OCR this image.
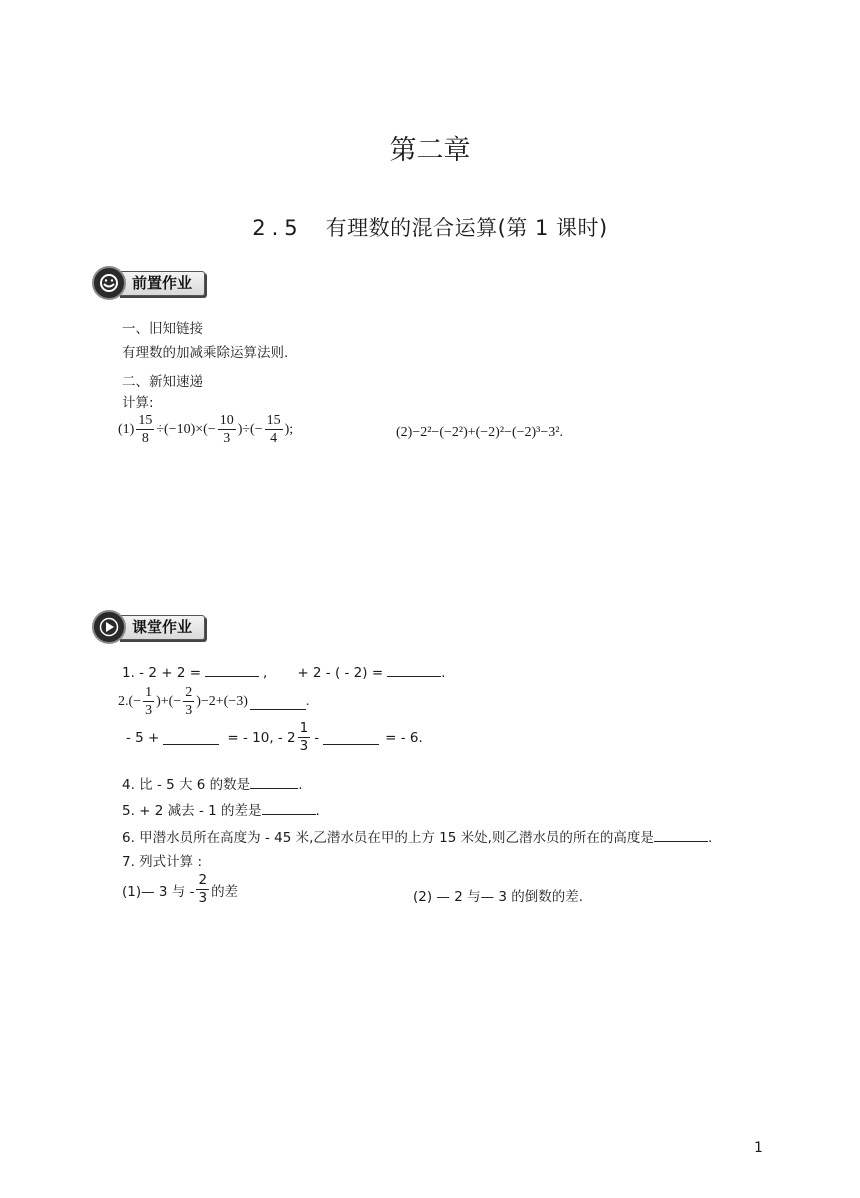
第二章
2.5 有理数的混合运算(第 1 课时)
前置作业
一、旧知链接
有理数的加减乘除运算法则.
二、新知速递
计算:
$(1) \frac{15}{8} \div(-10)\times(- \frac{10}{3}$ )÷(− $\frac{15}{4}$ );	(2)−2²−(−2²)+(−2)²−(−2)³−3².
课堂作业
1. - 2 + 2 =	, + 2 - ( - 2) =	.
$2.(- \frac{1}{3}$ )+(− $\frac{2}{3} )-2+(-3)$	.
- 5 +	= - 10 , - $2 \frac{1}{3}$ -	= - 6.
4. 比 - 5 大 6 的数是	.
5. + 2 减去 - 1 的差是	.
6. 甲潜水员所在高度为 - 45 米,乙潜水员在甲的上方 15 米处,则乙潜水员的所在的高度是	.
7. 列式计算 :
(1)— 3 与 - $\frac{2}{3}$ 的差	(2) — 2 与— 3 的倒数的差.
1
